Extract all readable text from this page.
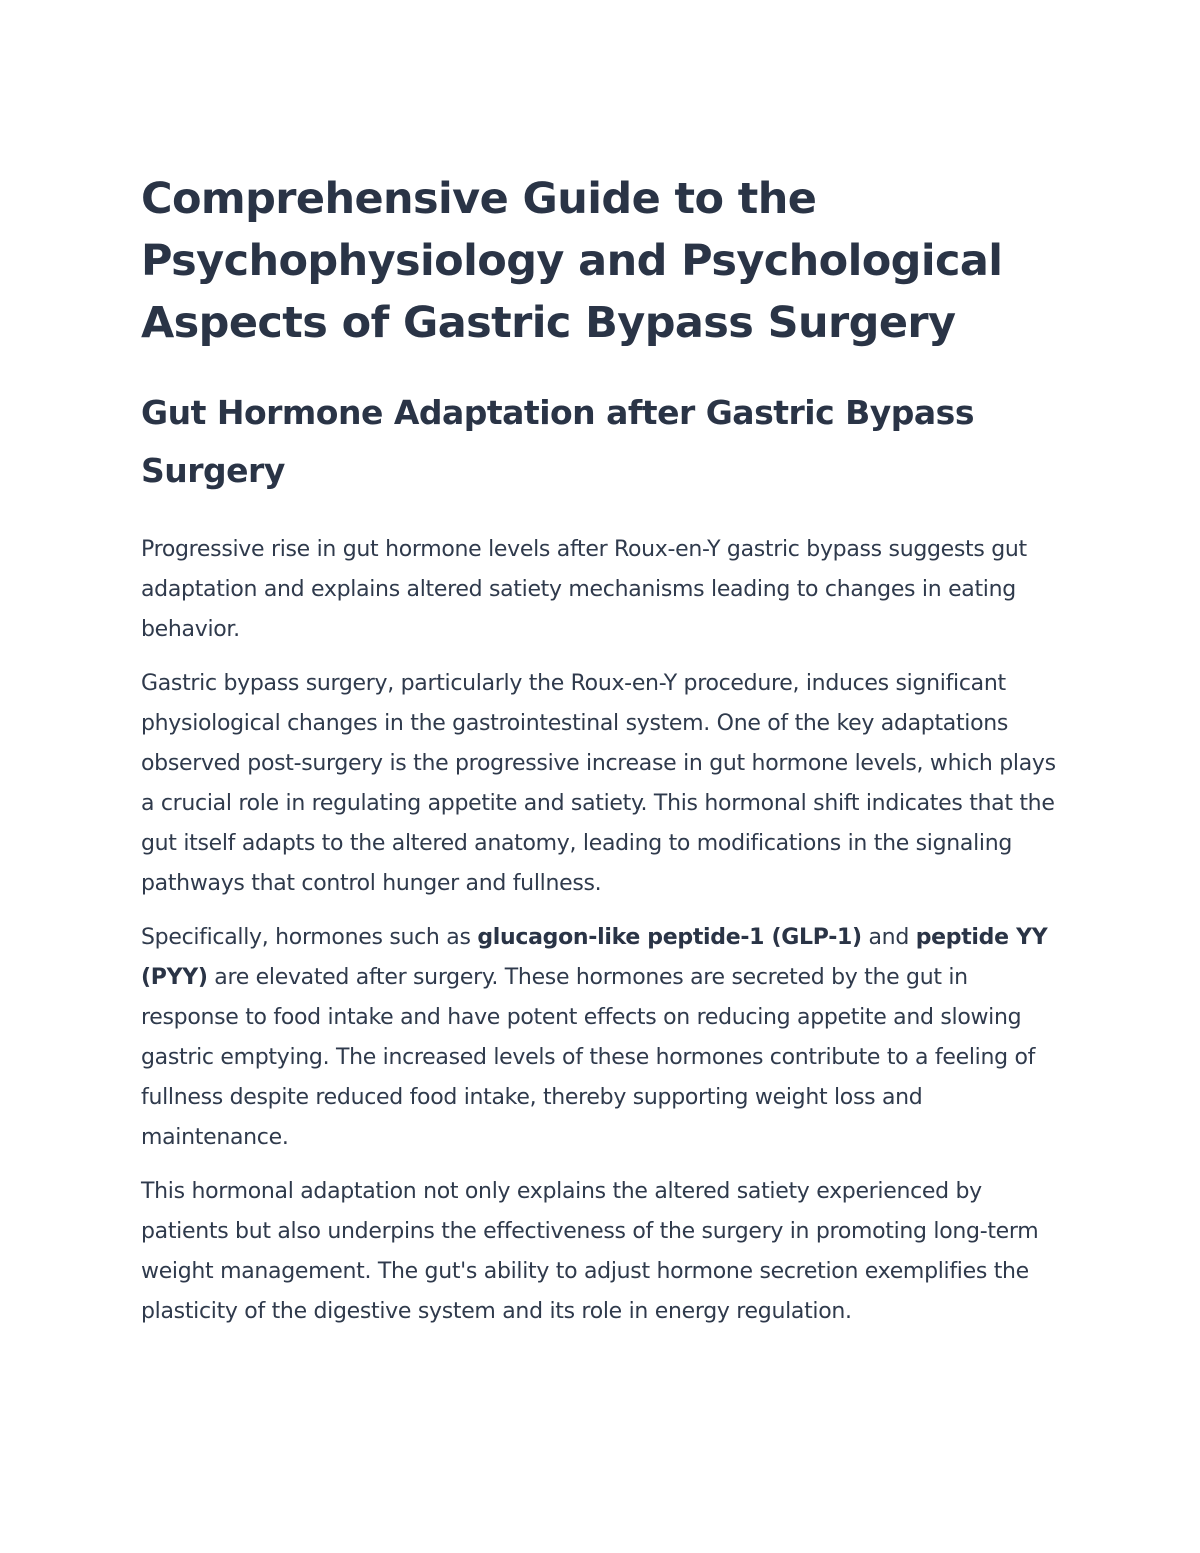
Comprehensive Guide to the Psychophysiology and Psychological Aspects of Gastric Bypass Surgery
Gut Hormone Adaptation after Gastric Bypass Surgery

Progressive rise in gut hormone levels after Roux-en-Y gastric bypass suggests gut adaptation and explains altered satiety mechanisms leading to changes in eating behavior.

Gastric bypass surgery, particularly the Roux-en-Y procedure, induces significant physiological changes in the gastrointestinal system. One of the key adaptations observed post-surgery is the progressive increase in gut hormone levels, which plays a crucial role in regulating appetite and satiety. This hormonal shift indicates that the gut itself adapts to the altered anatomy, leading to modifications in the signaling pathways that control hunger and fullness.

Specifically, hormones such as glucagon-like peptide-1 (GLP-1) and peptide YY (PYY) are elevated after surgery. These hormones are secreted by the gut in response to food intake and have potent effects on reducing appetite and slowing gastric emptying. The increased levels of these hormones contribute to a feeling of fullness despite reduced food intake, thereby supporting weight loss and maintenance.

This hormonal adaptation not only explains the altered satiety experienced by patients but also underpins the effectiveness of the surgery in promoting long-term weight management. The gut's ability to adjust hormone secretion exemplifies the plasticity of the digestive system and its role in energy regulation.
